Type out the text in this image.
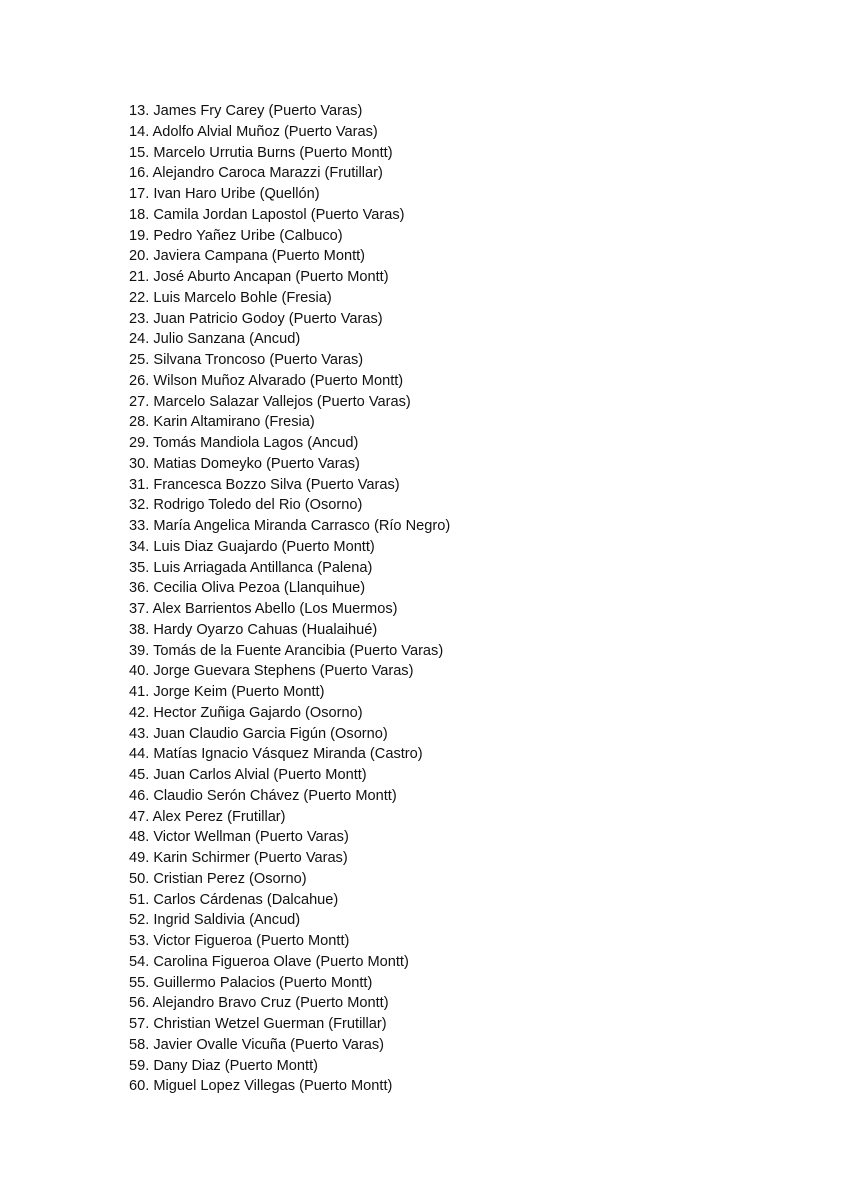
13. James Fry Carey (Puerto Varas)
14. Adolfo Alvial Muñoz (Puerto Varas)
15. Marcelo Urrutia Burns (Puerto Montt)
16. Alejandro Caroca Marazzi (Frutillar)
17. Ivan Haro Uribe (Quellón)
18. Camila Jordan Lapostol (Puerto Varas)
19. Pedro Yañez Uribe (Calbuco)
20. Javiera Campana (Puerto Montt)
21. José Aburto Ancapan (Puerto Montt)
22. Luis Marcelo Bohle (Fresia)
23. Juan Patricio Godoy (Puerto Varas)
24. Julio Sanzana (Ancud)
25. Silvana Troncoso (Puerto Varas)
26. Wilson Muñoz Alvarado (Puerto Montt)
27. Marcelo Salazar Vallejos (Puerto Varas)
28. Karin Altamirano (Fresia)
29. Tomás Mandiola Lagos (Ancud)
30. Matias Domeyko (Puerto Varas)
31. Francesca Bozzo Silva (Puerto Varas)
32. Rodrigo Toledo del Rio (Osorno)
33. María Angelica Miranda Carrasco (Río Negro)
34. Luis Diaz Guajardo (Puerto Montt)
35. Luis Arriagada Antillanca (Palena)
36. Cecilia Oliva Pezoa (Llanquihue)
37. Alex Barrientos Abello (Los Muermos)
38. Hardy Oyarzo Cahuas (Hualaihué)
39. Tomás de la Fuente Arancibia (Puerto Varas)
40. Jorge Guevara Stephens (Puerto Varas)
41. Jorge Keim (Puerto Montt)
42. Hector Zuñiga Gajardo (Osorno)
43. Juan Claudio Garcia Figún (Osorno)
44. Matías Ignacio Vásquez Miranda (Castro)
45. Juan Carlos Alvial (Puerto Montt)
46. Claudio Serón Chávez (Puerto Montt)
47. Alex Perez (Frutillar)
48. Victor Wellman (Puerto Varas)
49. Karin Schirmer (Puerto Varas)
50. Cristian Perez (Osorno)
51. Carlos Cárdenas (Dalcahue)
52. Ingrid Saldivia (Ancud)
53. Victor Figueroa (Puerto Montt)
54. Carolina Figueroa Olave (Puerto Montt)
55. Guillermo Palacios (Puerto Montt)
56. Alejandro Bravo Cruz (Puerto Montt)
57. Christian Wetzel Guerman (Frutillar)
58. Javier Ovalle Vicuña (Puerto Varas)
59. Dany Diaz (Puerto Montt)
60. Miguel Lopez Villegas (Puerto Montt)
